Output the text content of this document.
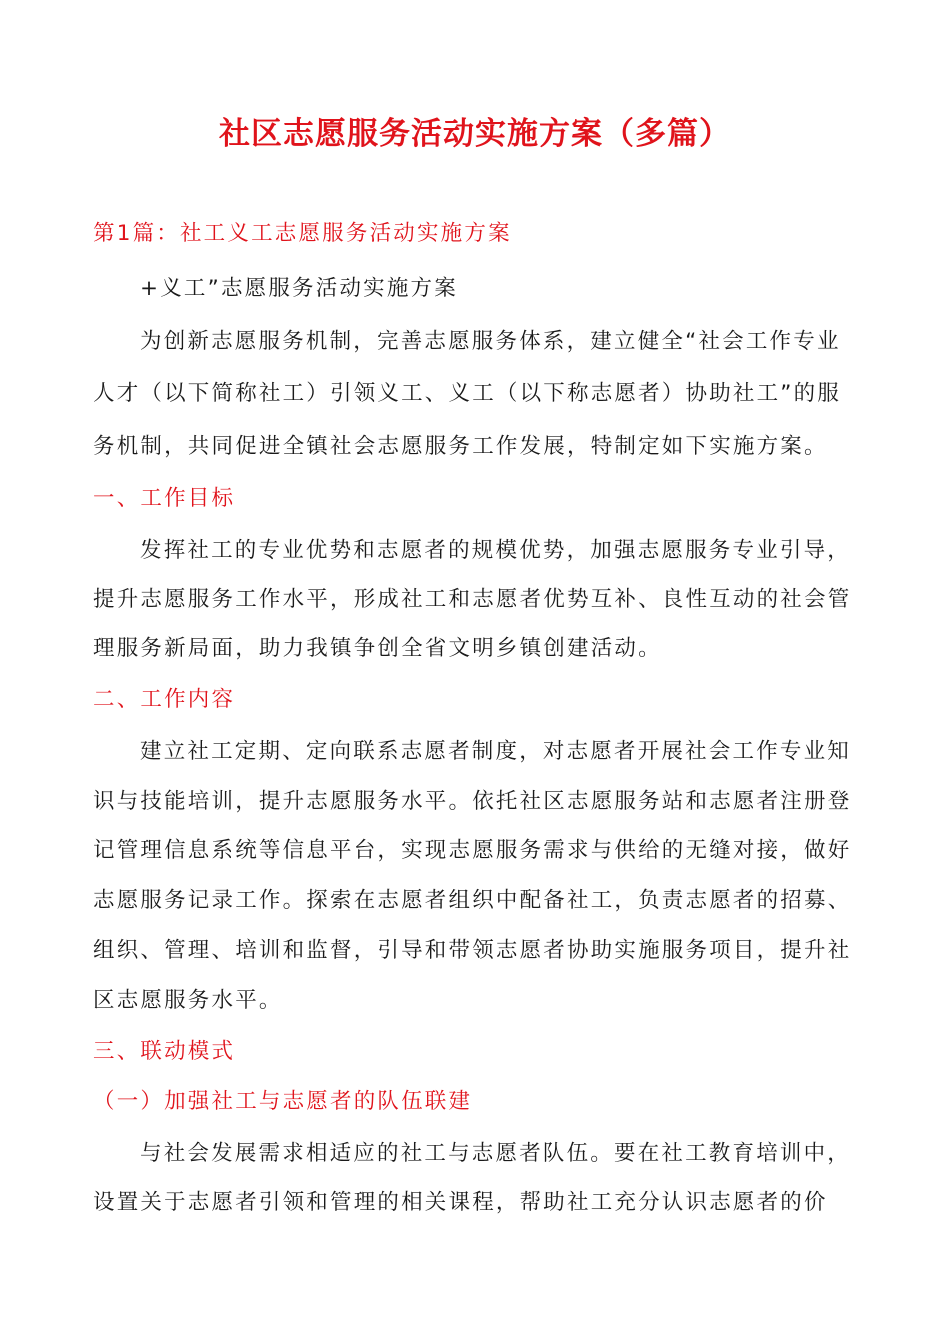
社区志愿服务活动实施方案（多篇）

第1篇：社工义工志愿服务活动实施方案

+义工”志愿服务活动实施方案

为创新志愿服务机制，完善志愿服务体系，建立健全“社会工作专业

人才（以下简称社工）引领义工、义工（以下称志愿者）协助社工”的服

务机制，共同促进全镇社会志愿服务工作发展，特制定如下实施方案。

一、工作目标

发挥社工的专业优势和志愿者的规模优势，加强志愿服务专业引导，

提升志愿服务工作水平，形成社工和志愿者优势互补、良性互动的社会管

理服务新局面，助力我镇争创全省文明乡镇创建活动。

二、工作内容

建立社工定期、定向联系志愿者制度，对志愿者开展社会工作专业知

识与技能培训，提升志愿服务水平。依托社区志愿服务站和志愿者注册登

记管理信息系统等信息平台，实现志愿服务需求与供给的无缝对接，做好

志愿服务记录工作。探索在志愿者组织中配备社工，负责志愿者的招募、

组织、管理、培训和监督，引导和带领志愿者协助实施服务项目，提升社

区志愿服务水平。

三、联动模式

（一）加强社工与志愿者的队伍联建

与社会发展需求相适应的社工与志愿者队伍。要在社工教育培训中，

设置关于志愿者引领和管理的相关课程，帮助社工充分认识志愿者的价
